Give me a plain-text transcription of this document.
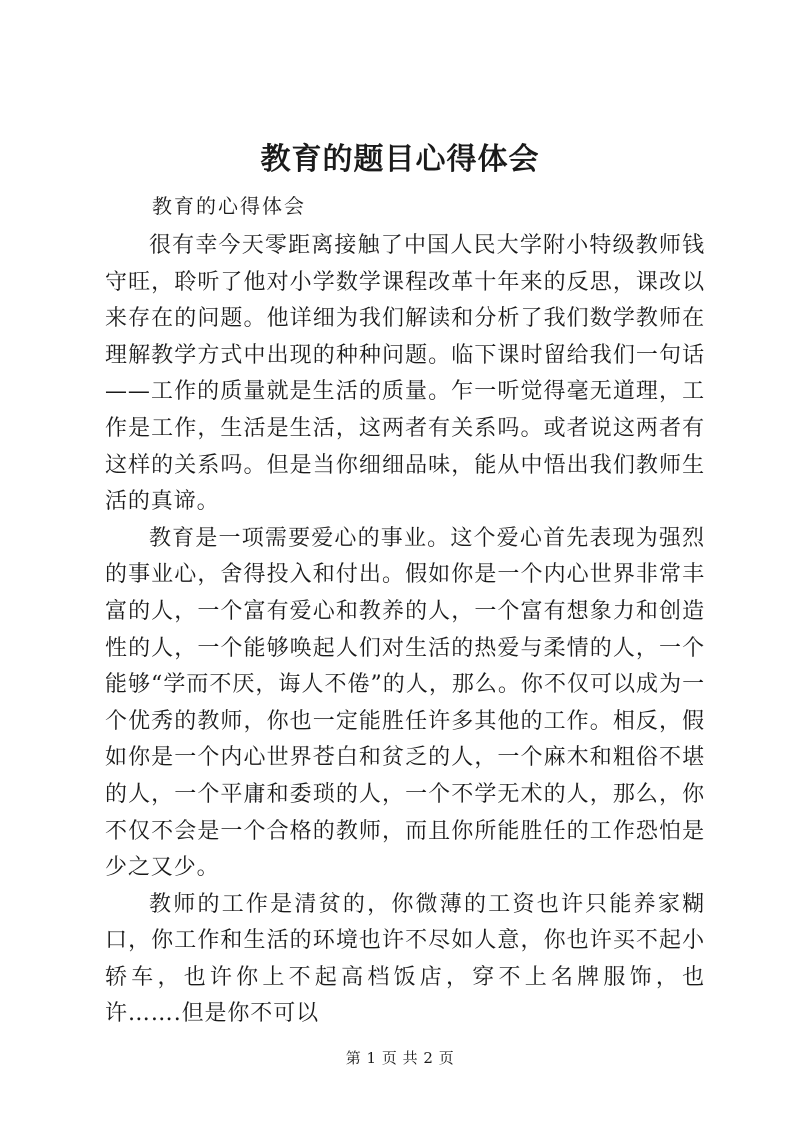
教育的题目心得体会
教育的心得体会

很有幸今天零距离接触了中国人民大学附小特级教师钱守旺，聆听了他对小学数学课程改革十年来的反思，课改以来存在的问题。他详细为我们解读和分析了我们数学教师在理解教学方式中出现的种种问题。临下课时留给我们一句话——工作的质量就是生活的质量。乍一听觉得毫无道理，工作是工作，生活是生活，这两者有关系吗。或者说这两者有这样的关系吗。但是当你细细品味，能从中悟出我们教师生活的真谛。

教育是一项需要爱心的事业。这个爱心首先表现为强烈的事业心，舍得投入和付出。假如你是一个内心世界非常丰富的人，一个富有爱心和教养的人，一个富有想象力和创造性的人，一个能够唤起人们对生活的热爱与柔情的人，一个能够“学而不厌，诲人不倦”的人，那么。你不仅可以成为一个优秀的教师，你也一定能胜任许多其他的工作。相反，假如你是一个内心世界苍白和贫乏的人，一个麻木和粗俗不堪的人，一个平庸和委琐的人，一个不学无术的人，那么，你不仅不会是一个合格的教师，而且你所能胜任的工作恐怕是少之又少。

教师的工作是清贫的，你微薄的工资也许只能养家糊口，你工作和生活的环境也许不尽如人意，你也许买不起小轿车，也许你上不起高档饭店，穿不上名牌服饰，也许…….但是你不可以

第 1 页 共 2 页
